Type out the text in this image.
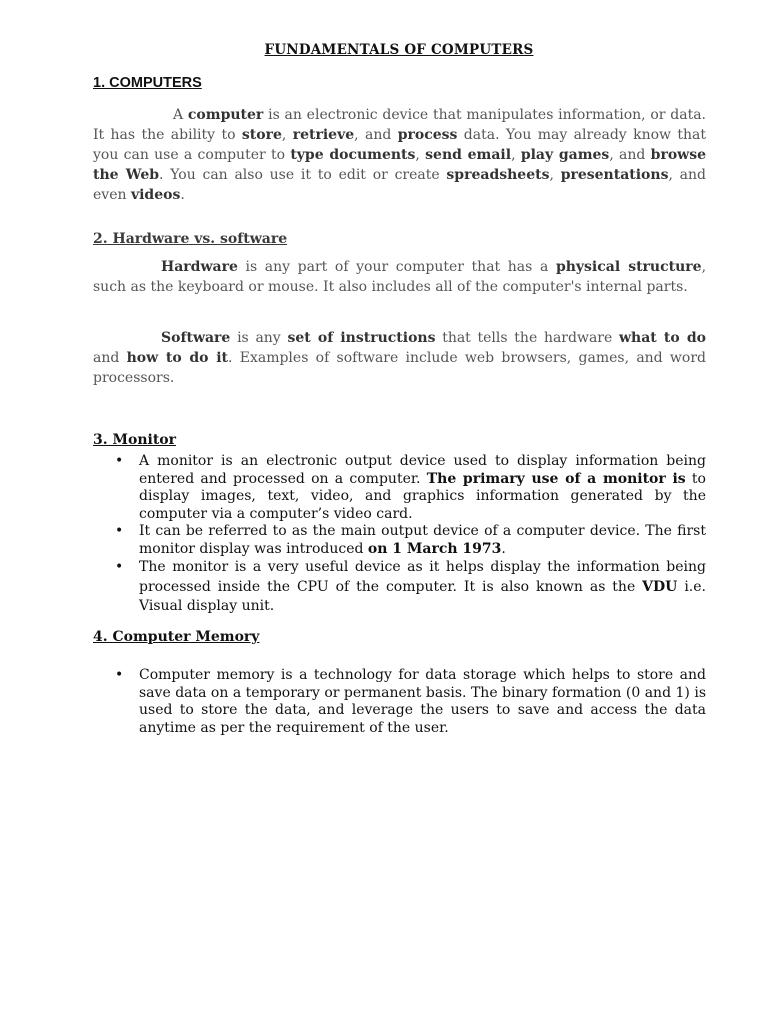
FUNDAMENTALS OF COMPUTERS
1. COMPUTERS

A computer is an electronic device that manipulates information, or data. It has the ability to store, retrieve, and process data. You may already know that you can use a computer to type documents, send email, play games, and browse the Web. You can also use it to edit or create spreadsheets, presentations, and even videos.

2. Hardware vs. software

Hardware is any part of your computer that has a physical structure, such as the keyboard or mouse. It also includes all of the computer's internal parts.

Software is any set of instructions that tells the hardware what to do and how to do it. Examples of software include web browsers, games, and word processors.

3. Monitor
• A monitor is an electronic output device used to display information being entered and processed on a computer. The primary use of a monitor is to display images, text, video, and graphics information generated by the computer via a computer’s video card.
• It can be referred to as the main output device of a computer device. The first monitor display was introduced on 1 March 1973.
• The monitor is a very useful device as it helps display the information being processed inside the CPU of the computer. It is also known as the VDU i.e. Visual display unit.
4. Computer Memory
• Computer memory is a technology for data storage which helps to store and save data on a temporary or permanent basis. The binary formation (0 and 1) is used to store the data, and leverage the users to save and access the data anytime as per the requirement of the user.
